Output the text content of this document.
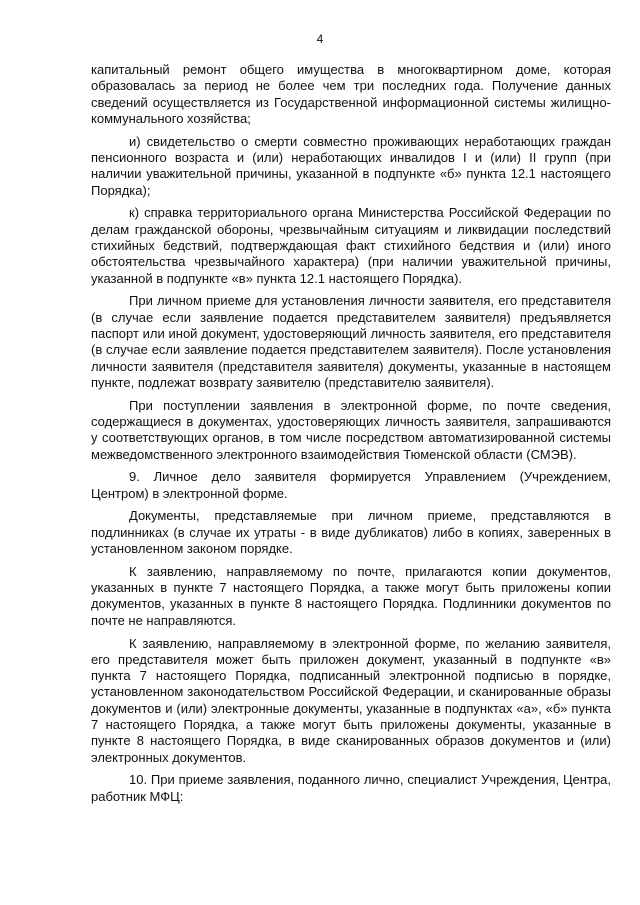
4

капитальный ремонт общего имущества в многоквартирном доме, которая образовалась за период не более чем три последних года. Получение данных сведений осуществляется из Государственной информационной системы жилищно-коммунального хозяйства;

и) свидетельство о смерти совместно проживающих неработающих граждан пенсионного возраста и (или) неработающих инвалидов I и (или) II групп (при наличии уважительной причины, указанной в подпункте «б» пункта 12.1 настоящего Порядка);

к) справка территориального органа Министерства Российской Федерации по делам гражданской обороны, чрезвычайным ситуациям и ликвидации последствий стихийных бедствий, подтверждающая факт стихийного бедствия и (или) иного обстоятельства чрезвычайного характера) (при наличии уважительной причины, указанной в подпункте «в» пункта 12.1 настоящего Порядка).

При личном приеме для установления личности заявителя, его представителя (в случае если заявление подается представителем заявителя) предъявляется паспорт или иной документ, удостоверяющий личность заявителя, его представителя (в случае если заявление подается представителем заявителя). После установления личности заявителя (представителя заявителя) документы, указанные в настоящем пункте, подлежат возврату заявителю (представителю заявителя).

При поступлении заявления в электронной форме, по почте сведения, содержащиеся в документах, удостоверяющих личность заявителя, запрашиваются у соответствующих органов, в том числе посредством автоматизированной системы межведомственного электронного взаимодействия Тюменской области (СМЭВ).

9. Личное дело заявителя формируется Управлением (Учреждением, Центром) в электронной форме.

Документы, представляемые при личном приеме, представляются в подлинниках (в случае их утраты - в виде дубликатов) либо в копиях, заверенных в установленном законом порядке.

К заявлению, направляемому по почте, прилагаются копии документов, указанных в пункте 7 настоящего Порядка, а также могут быть приложены копии документов, указанных в пункте 8 настоящего Порядка. Подлинники документов по почте не направляются.

К заявлению, направляемому в электронной форме, по желанию заявителя, его представителя может быть приложен документ, указанный в подпункте «в» пункта 7 настоящего Порядка, подписанный электронной подписью в порядке, установленном законодательством Российской Федерации, и сканированные образы документов и (или) электронные документы, указанные в подпунктах «а», «б» пункта 7 настоящего Порядка, а также могут быть приложены документы, указанные в пункте 8 настоящего Порядка, в виде сканированных образов документов и (или) электронных документов.

10. При приеме заявления, поданного лично, специалист Учреждения, Центра, работник МФЦ:
